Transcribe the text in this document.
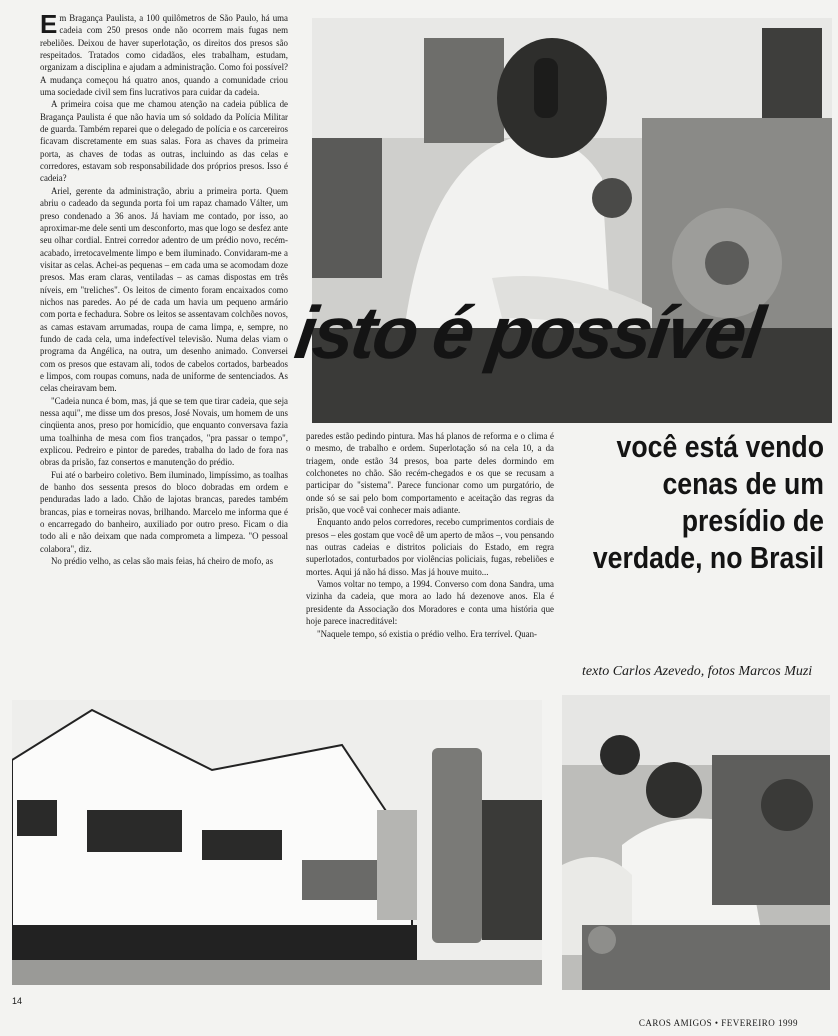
Em Bragança Paulista, a 100 quilômetros de São Paulo, há uma cadeia com 250 presos onde não ocorrem mais fugas nem rebeliões. Deixou de haver superlotação, os direitos dos presos são respeitados. Tratados como cidadãos, eles trabalham, estudam, organizam a disciplina e ajudam a administração. Como foi possível? A mudança começou há quatro anos, quando a comunidade criou uma sociedade civil sem fins lucrativos para cuidar da cadeia.

A primeira coisa que me chamou atenção na cadeia pública de Bragança Paulista é que não havia um só soldado da Polícia Militar de guarda. Também reparei que o delegado de polícia e os carcereiros ficavam discretamente em suas salas. Fora as chaves da primeira porta, as chaves de todas as outras, incluindo as das celas e corredores, estavam sob responsabilidade dos próprios presos. Isso é cadeia?

Ariel, gerente da administração, abriu a primeira porta. Quem abriu o cadeado da segunda porta foi um rapaz chamado Válter, um preso condenado a 36 anos. Já haviam me contado, por isso, ao aproximar-me dele senti um desconforto, mas que logo se desfez ante seu olhar cordial. Entrei corredor adentro de um prédio novo, recém-acabado, irretocavelmente limpo e bem iluminado. Convidaram-me a visitar as celas. Achei-as pequenas – em cada uma se acomodam doze presos. Mas eram claras, ventiladas – as camas dispostas em três níveis, em "treliches". Os leitos de cimento foram encaixados como nichos nas paredes. Ao pé de cada um havia um pequeno armário com porta e fechadura. Sobre os leitos se assentavam colchões novos, as camas estavam arrumadas, roupa de cama limpa, e, sempre, no fundo de cada cela, uma indefectível televisão. Numa delas viam o programa da Angélica, na outra, um desenho animado. Conversei com os presos que estavam ali, todos de cabelos cortados, barbeados e limpos, com roupas comuns, nada de uniforme de sentenciados. As celas cheiravam bem.

"Cadeia nunca é bom, mas, já que se tem que tirar cadeia, que seja nessa aqui", me disse um dos presos, José Novais, um homem de uns cinqüenta anos, preso por homicídio, que enquanto conversava fazia uma toalhinha de mesa com fios trançados, "pra passar o tempo", explicou. Pedreiro e pintor de paredes, trabalha do lado de fora nas obras da prisão, faz consertos e manutenção do prédio.

Fui até o barbeiro coletivo. Bem iluminado, limpíssimo, as toalhas de banho dos sessenta presos do bloco dobradas em ordem e penduradas lado a lado. Chão de lajotas brancas, paredes também brancas, pias e torneiras novas, brilhando. Marcelo me informa que é o encarregado do banheiro, auxiliado por outro preso. Ficam o dia todo ali e não deixam que nada comprometa a limpeza. "O pessoal colabora", diz.

No prédio velho, as celas são mais feias, há cheiro de mofo, as

isto é possível

paredes estão pedindo pintura. Mas há planos de reforma e o clima é o mesmo, de trabalho e ordem. Superlotação só na cela 10, a da triagem, onde estão 34 presos, boa parte deles dormindo em colchonetes no chão. São recém-chegados e os que se recusam a participar do "sistema". Parece funcionar como um purgatório, de onde só se sai pelo bom comportamento e aceitação das regras da prisão, que você vai conhecer mais adiante.

Enquanto ando pelos corredores, recebo cumprimentos cordiais de presos – eles gostam que você dê um aperto de mãos –, vou pensando nas outras cadeias e distritos policiais do Estado, em regra superlotados, conturbados por violências policiais, fugas, rebeliões e mortes. Aqui já não há disso. Mas já houve muito...

Vamos voltar no tempo, a 1994. Converso com dona Sandra, uma vizinha da cadeia, que mora ao lado há dezenove anos. Ela é presidente da Associação dos Moradores e conta uma história que hoje parece inacreditável:

"Naquele tempo, só existia o prédio velho. Era terrível. Quan-

você está vendo cenas de um presídio de verdade, no Brasil
texto Carlos Azevedo, fotos Marcos Muzi
14
CAROS AMIGOS • FEVEREIRO 1999
